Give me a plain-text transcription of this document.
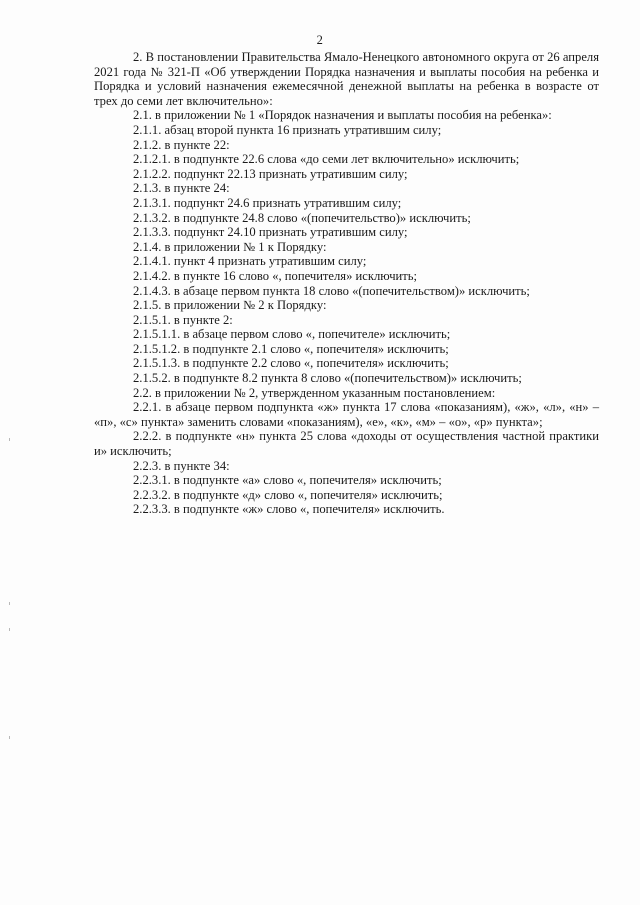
2

2. В постановлении Правительства Ямало-Ненецкого автономного округа от 26 апреля 2021 года № 321-П «Об утверждении Порядка назначения и выплаты пособия на ребенка и Порядка и условий назначения ежемесячной денежной выплаты на ребенка в возрасте от трех до семи лет включительно»:

2.1. в приложении № 1 «Порядок назначения и выплаты пособия на ребенка»:

2.1.1. абзац второй пункта 16 признать утратившим силу;

2.1.2. в пункте 22:

2.1.2.1. в подпункте 22.6 слова «до семи лет включительно» исключить;

2.1.2.2. подпункт 22.13 признать утратившим силу;

2.1.3. в пункте 24:

2.1.3.1. подпункт 24.6 признать утратившим силу;

2.1.3.2. в подпункте 24.8 слово «(попечительство)» исключить;

2.1.3.3. подпункт 24.10 признать утратившим силу;

2.1.4. в приложении № 1 к Порядку:

2.1.4.1. пункт 4 признать утратившим силу;

2.1.4.2. в пункте 16 слово «, попечителя» исключить;

2.1.4.3. в абзаце первом пункта 18 слово «(попечительством)» исключить;

2.1.5. в приложении № 2 к Порядку:

2.1.5.1. в пункте 2:

2.1.5.1.1. в абзаце первом слово «, попечителе» исключить;

2.1.5.1.2. в подпункте 2.1 слово «, попечителя» исключить;

2.1.5.1.3. в подпункте 2.2 слово «, попечителя» исключить;

2.1.5.2. в подпункте 8.2 пункта 8 слово «(попечительством)» исключить;

2.2. в приложении № 2, утвержденном указанным постановлением:

2.2.1. в абзаце первом подпункта «ж» пункта 17 слова «показаниям), «ж», «л», «н» – «п», «с» пункта» заменить словами «показаниям), «е», «к», «м» – «о», «р» пункта»;

2.2.2. в подпункте «н» пункта 25 слова «доходы от осуществления частной практики и» исключить;

2.2.3. в пункте 34:

2.2.3.1. в подпункте «а» слово «, попечителя» исключить;

2.2.3.2. в подпункте «д» слово «, попечителя» исключить;

2.2.3.3. в подпункте «ж» слово «, попечителя» исключить.
